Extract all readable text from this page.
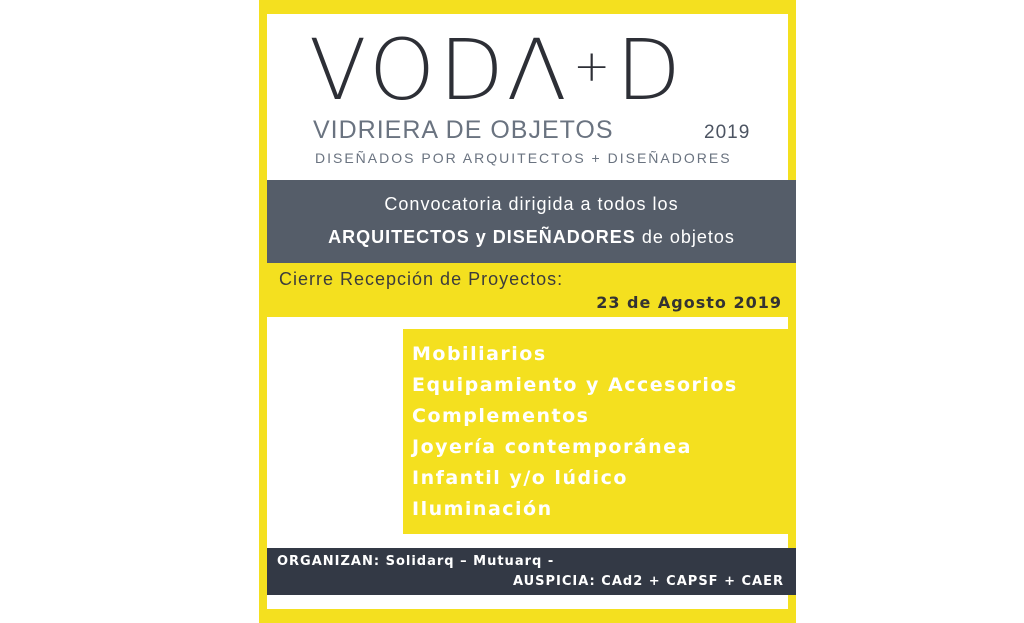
VODΛ+D
VIDRIERA DE OBJETOS	2019
DISEÑADOS POR ARQUITECTOS + DISEÑADORES
Convocatoria dirigida a todos los
ARQUITECTOS y DISEÑADORES de objetos
Cierre Recepción de Proyectos:
23 de Agosto 2019
Mobiliarios
Equipamiento y Accesorios
Complementos
Joyería contemporánea
Infantil y/o lúdico
Iluminación
ORGANIZAN: Solidarq – Mutuarq -
AUSPICIA: CAd2 + CAPSF + CAER
